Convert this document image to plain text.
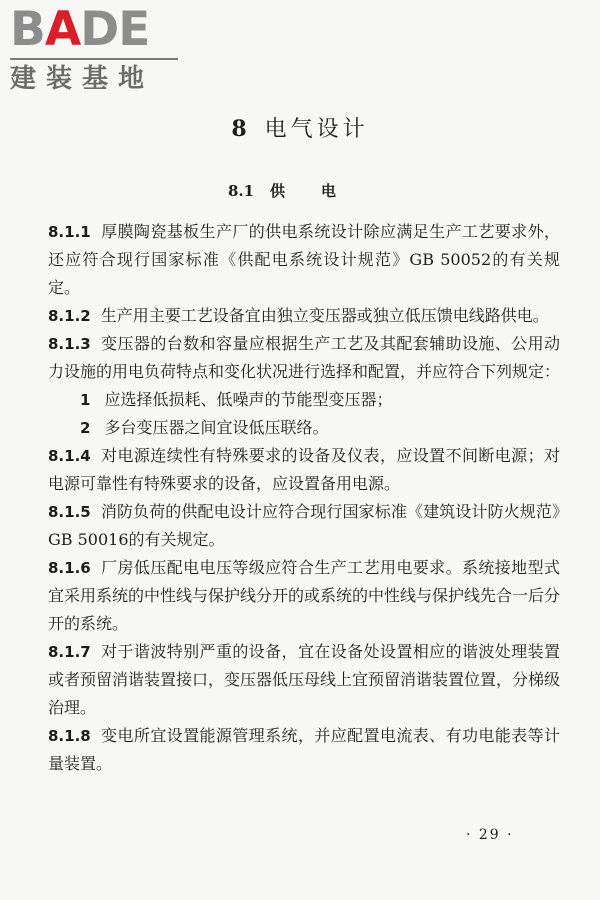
BADE
建装基地
8 电气设计
8.1 供电

8.1.1 厚膜陶瓷基板生产厂的供电系统设计除应满足生产工艺要求外，还应符合现行国家标准《供配电系统设计规范》GB 50052的有关规定。

8.1.2 生产用主要工艺设备宜由独立变压器或独立低压馈电线路供电。

8.1.3 变压器的台数和容量应根据生产工艺及其配套辅助设施、公用动力设施的用电负荷特点和变化状况进行选择和配置，并应符合下列规定：

1 应选择低损耗、低噪声的节能型变压器；

2 多台变压器之间宜设低压联络。

8.1.4 对电源连续性有特殊要求的设备及仪表，应设置不间断电源；对电源可靠性有特殊要求的设备，应设置备用电源。

8.1.5 消防负荷的供配电设计应符合现行国家标准《建筑设计防火规范》GB 50016的有关规定。

8.1.6 厂房低压配电电压等级应符合生产工艺用电要求。系统接地型式宜采用系统的中性线与保护线分开的或系统的中性线与保护线先合一后分开的系统。

8.1.7 对于谐波特别严重的设备，宜在设备处设置相应的谐波处理装置或者预留消谐装置接口，变压器低压母线上宜预留消谐装置位置，分梯级治理。

8.1.8 变电所宜设置能源管理系统，并应配置电流表、有功电能表等计量装置。

· 29 ·
